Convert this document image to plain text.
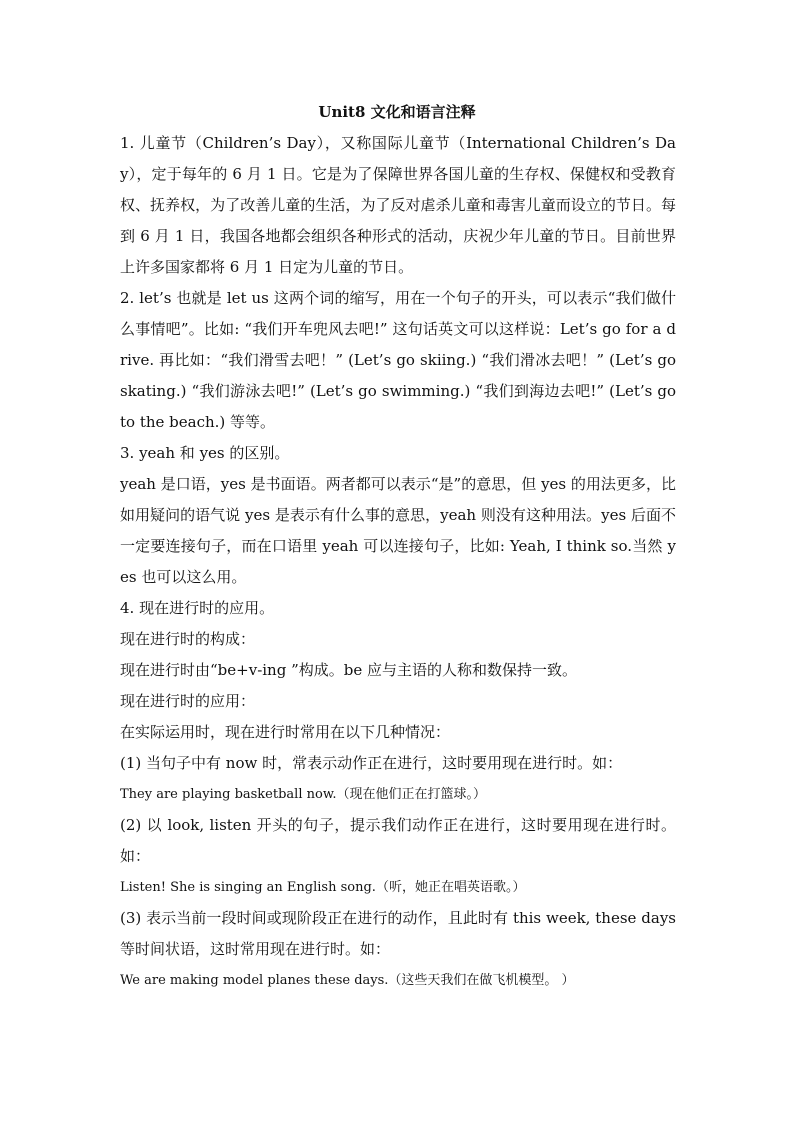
Unit8 文化和语言注释

1. 儿童节（Children’s Day），又称国际儿童节（International Children’s Day），定于每年的 6 月 1 日。它是为了保障世界各国儿童的生存权、保健权和受教育权、抚养权，为了改善儿童的生活，为了反对虐杀儿童和毒害儿童而设立的节日。每到 6 月 1 日，我国各地都会组织各种形式的活动，庆祝少年儿童的节日。目前世界上许多国家都将 6 月 1 日定为儿童的节日。

2. let’s 也就是 let us 这两个词的缩写，用在一个句子的开头，可以表示“我们做什么事情吧”。比如: “我们开车兜风去吧!” 这句话英文可以这样说：Let’s go for a drive. 再比如：“我们滑雪去吧！” (Let’s go skiing.) “我们滑冰去吧！” (Let’s go skating.) “我们游泳去吧!” (Let’s go swimming.) “我们到海边去吧!” (Let’s go to the beach.) 等等。

3. yeah 和 yes 的区别。

yeah 是口语，yes 是书面语。两者都可以表示“是”的意思，但 yes 的用法更多，比如用疑问的语气说 yes 是表示有什么事的意思，yeah 则没有这种用法。yes 后面不一定要连接句子，而在口语里 yeah 可以连接句子，比如: Yeah, I think so.当然 yes 也可以这么用。

4. 现在进行时的应用。

现在进行时的构成：

现在进行时由“be+v-ing ”构成。be 应与主语的人称和数保持一致。

现在进行时的应用：

在实际运用时，现在进行时常用在以下几种情况：

(1) 当句子中有 now 时，常表示动作正在进行，这时要用现在进行时。如：

They are playing basketball now.（现在他们正在打篮球。）

(2) 以 look, listen 开头的句子，提示我们动作正在进行，这时要用现在进行时。如：

Listen! She is singing an English song.（听，她正在唱英语歌。）

(3) 表示当前一段时间或现阶段正在进行的动作，且此时有 this week, these days 等时间状语，这时常用现在进行时。如：

We are making model planes these days.（这些天我们在做飞机模型。 ）
